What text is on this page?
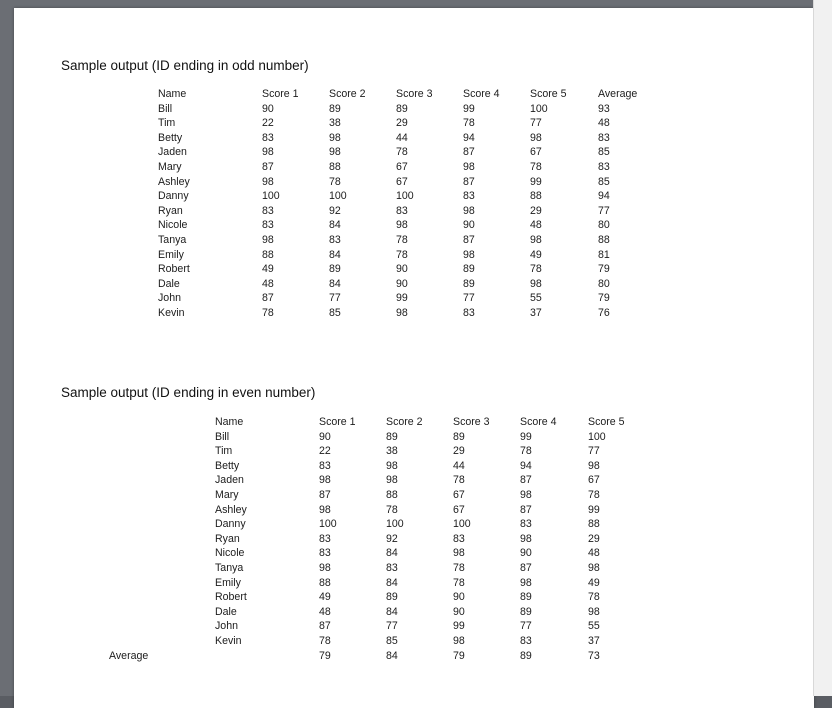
Sample output (ID ending in odd number)
Name	Score 1	Score 2	Score 3	Score 4	Score 5	Average
Bill	90	89	89	99	100	93
Tim	22	38	29	78	77	48
Betty	83	98	44	94	98	83
Jaden	98	98	78	87	67	85
Mary	87	88	67	98	78	83
Ashley	98	78	67	87	99	85
Danny	100	100	100	83	88	94
Ryan	83	92	83	98	29	77
Nicole	83	84	98	90	48	80
Tanya	98	83	78	87	98	88
Emily	88	84	78	98	49	81
Robert	49	89	90	89	78	79
Dale	48	84	90	89	98	80
John	87	77	99	77	55	79
Kevin	78	85	98	83	37	76
Sample output (ID ending in even number)
Name	Score 1	Score 2	Score 3	Score 4	Score 5
Bill	90	89	89	99	100
Tim	22	38	29	78	77
Betty	83	98	44	94	98
Jaden	98	98	78	87	67
Mary	87	88	67	98	78
Ashley	98	78	67	87	99
Danny	100	100	100	83	88
Ryan	83	92	83	98	29
Nicole	83	84	98	90	48
Tanya	98	83	78	87	98
Emily	88	84	78	98	49
Robert	49	89	90	89	78
Dale	48	84	90	89	98
John	87	77	99	77	55
Kevin	78	85	98	83	37
Average	79	84	79	89	73
